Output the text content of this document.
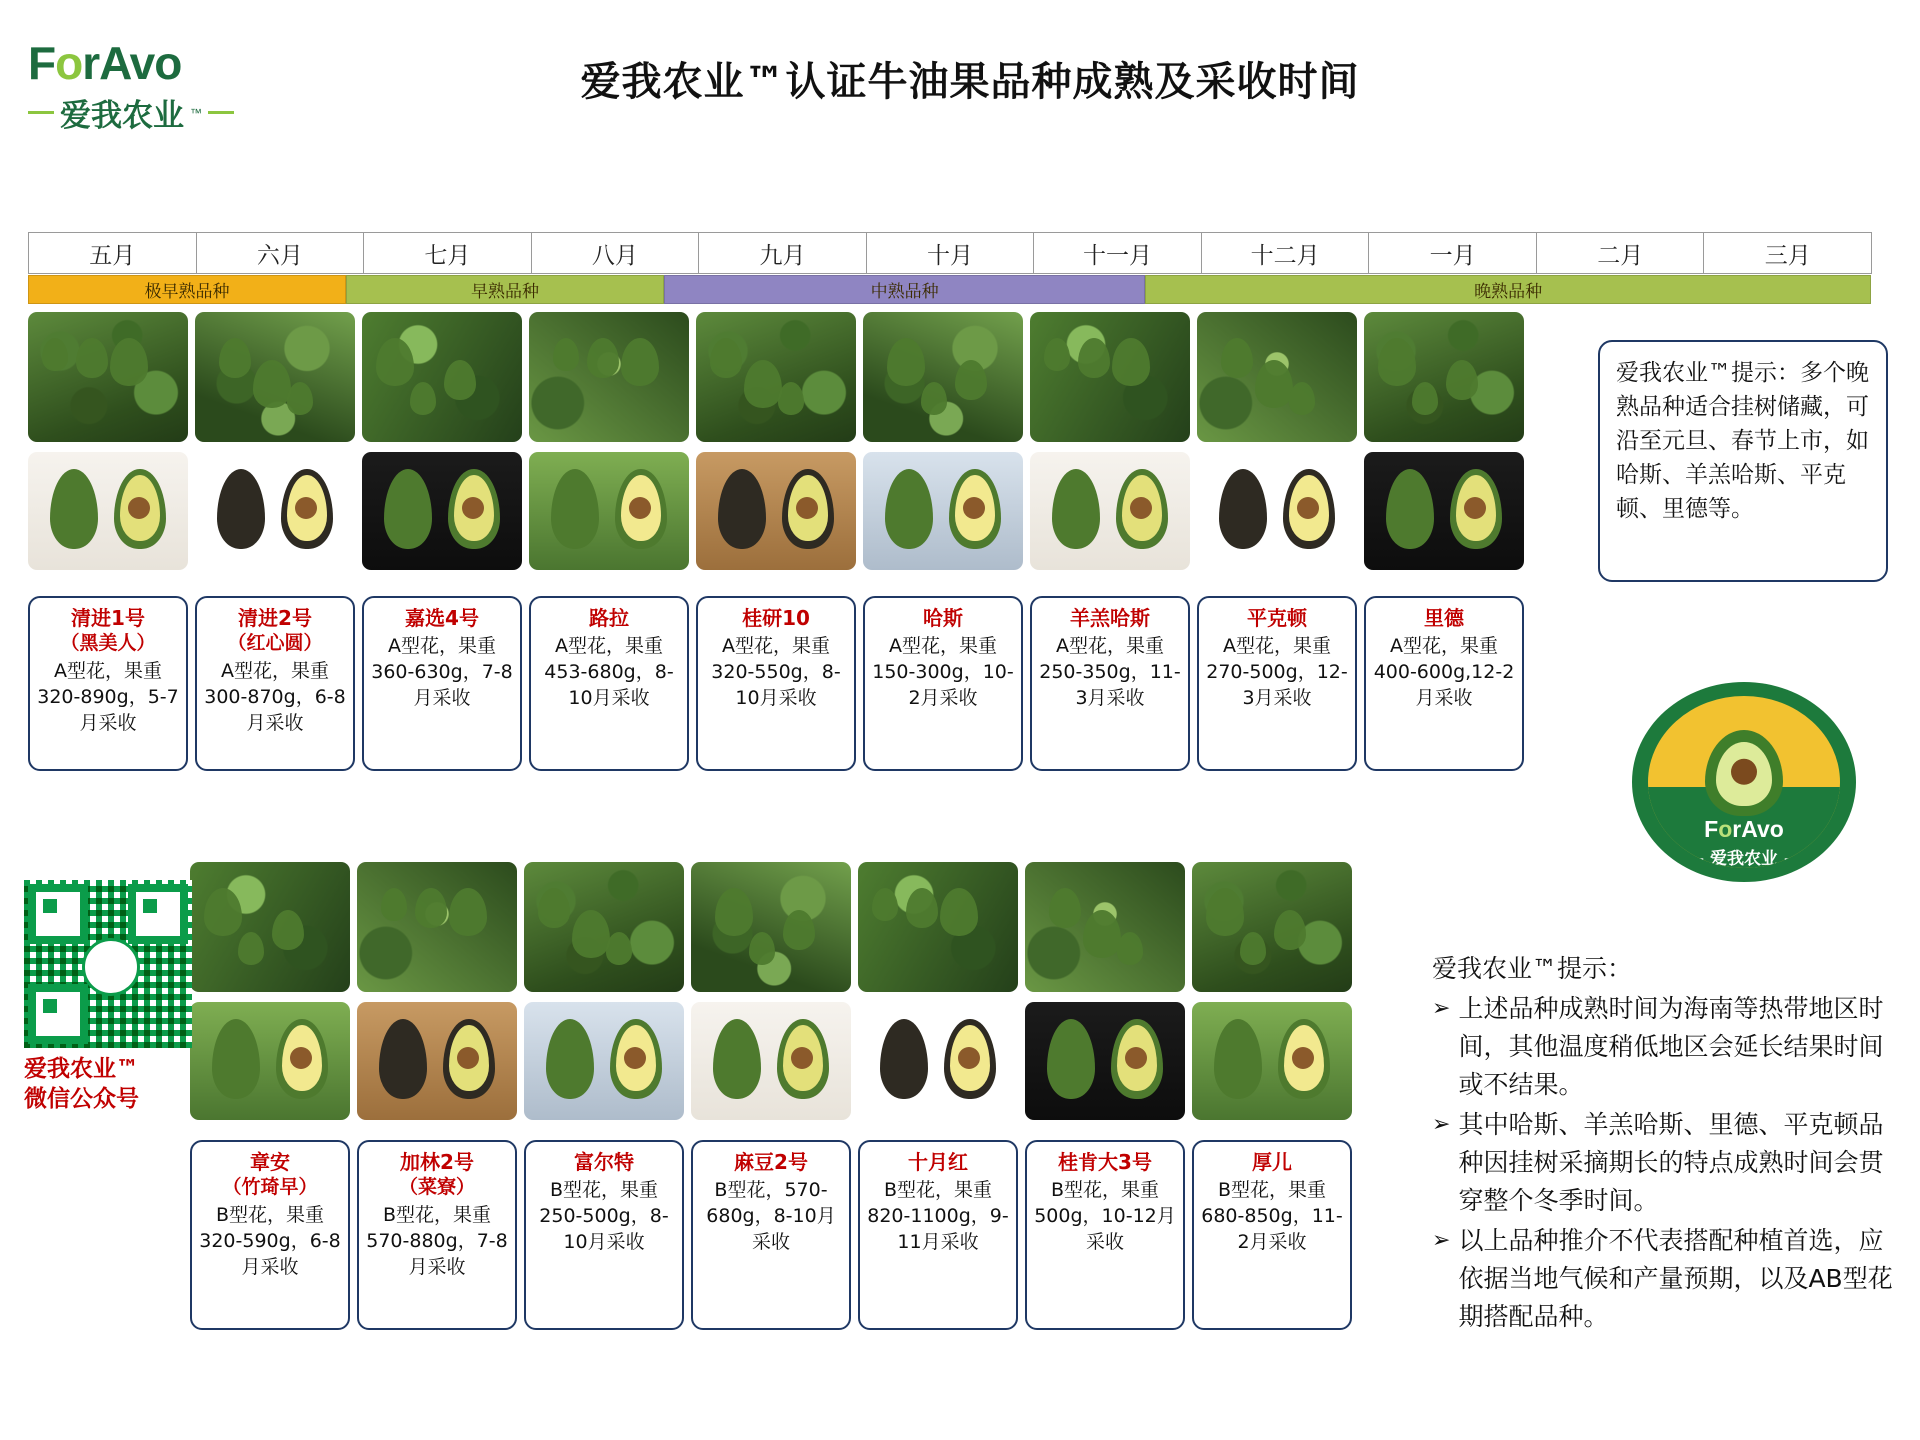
ForAvo
爱我农业 ™
爱我农业™认证牛油果品种成熟及采收时间
五月	六月	七月	八月	九月	十月	十一月	十二月	一月	二月	三月
极早熟品种	早熟品种	中熟品种	晚熟品种
清进1号
（黑美人）
A型花，果重320-890g，5-7月采收
清进2号
（红心圆）
A型花，果重300-870g，6-8月采收
嘉选4号
A型花，果重360-630g，7-8月采收
路拉
A型花，果重453-680g，8-10月采收
桂研10
A型花，果重320-550g，8-10月采收
哈斯
A型花，果重150-300g，10-2月采收
羊羔哈斯
A型花，果重250-350g，11-3月采收
平克顿
A型花，果重270-500g，12-3月采收
里德
A型花，果重400-600g,12-2月采收
章安
（竹琦早）
B型花，果重320-590g，6-8月采收
加林2号
（菜寮）
B型花，果重570-880g，7-8月采收
富尔特
B型花，果重250-500g，8-10月采收
麻豆2号
B型花，570-680g，8-10月采收
十月红
B型花，果重820-1100g，9-11月采收
桂肯大3号
B型花，果重500g，10-12月采收
厚儿
B型花，果重680-850g，11-2月采收
爱我农业™提示：多个晚熟品种适合挂树储藏，可沿至元旦、春节上市，如哈斯、羊羔哈斯、平克顿、里德等。
ForAvo
— 爱我农业 —
爱我农业™
微信公众号
爱我农业™提示：
➢ 上述品种成熟时间为海南等热带地区时间，其他温度稍低地区会延长结果时间或不结果。
➢ 其中哈斯、羊羔哈斯、里德、平克顿品种因挂树采摘期长的特点成熟时间会贯穿整个冬季时间。
➢ 以上品种推介不代表搭配种植首选，应依据当地气候和产量预期，以及AB型花期搭配品种。
